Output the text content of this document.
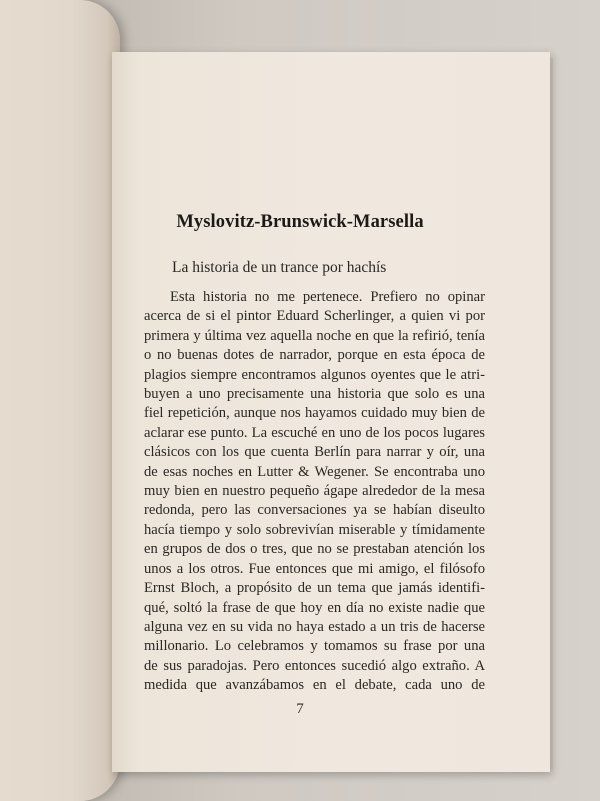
Myslovitz-Brunswick-Marsella
La historia de un trance por hachís
Esta historia no me pertenece. Prefiero no opinar
acerca de si el pintor Eduard Scherlinger, a quien vi por
primera y última vez aquella noche en que la refirió, tenía
o no buenas dotes de narrador, porque en esta época de
plagios siempre encontramos algunos oyentes que le atri-
buyen a uno precisamente una historia que solo es una
fiel repetición, aunque nos hayamos cuidado muy bien de
aclarar ese punto. La escuché en uno de los pocos lugares
clásicos con los que cuenta Berlín para narrar y oír, una
de esas noches en Lutter & Wegener. Se encontraba uno
muy bien en nuestro pequeño ágape alrededor de la mesa
redonda, pero las conversaciones ya se habían diseulto
hacía tiempo y solo sobrevivían miserable y tímidamente
en grupos de dos o tres, que no se prestaban atención los
unos a los otros. Fue entonces que mi amigo, el filósofo
Ernst Bloch, a propósito de un tema que jamás identifi-
qué, soltó la frase de que hoy en día no existe nadie que
alguna vez en su vida no haya estado a un tris de hacerse
millonario. Lo celebramos y tomamos su frase por una
de sus paradojas. Pero entonces sucedió algo extraño. A
medida que avanzábamos en el debate, cada uno de
7
